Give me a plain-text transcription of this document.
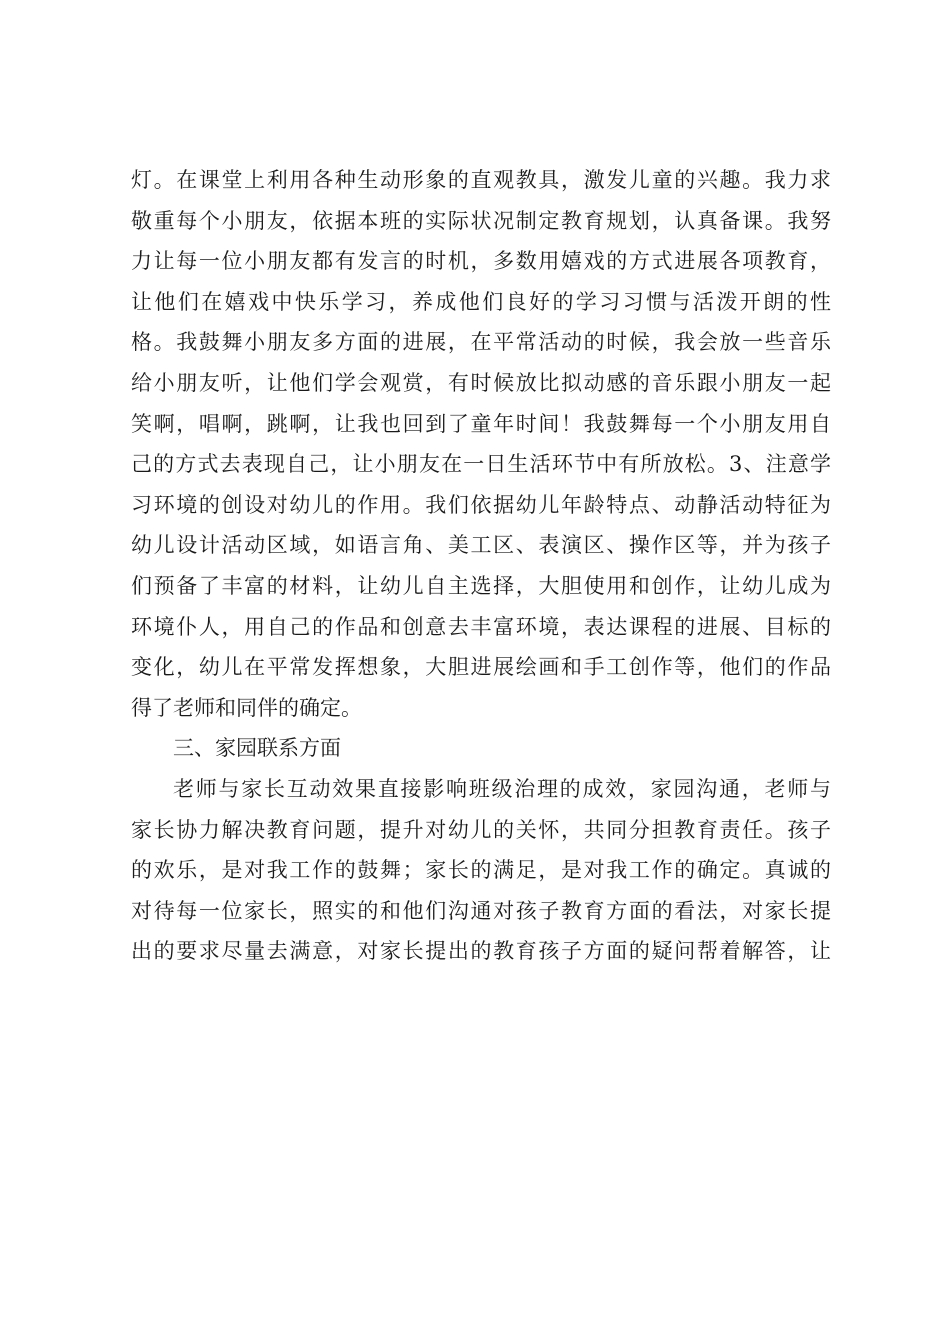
灯。在课堂上利用各种生动形象的直观教具，激发儿童的兴趣。我力求
敬重每个小朋友，依据本班的实际状况制定教育规划，认真备课。我努
力让每一位小朋友都有发言的时机，多数用嬉戏的方式进展各项教育，
让他们在嬉戏中快乐学习，养成他们良好的学习习惯与活泼开朗的性
格。我鼓舞小朋友多方面的进展，在平常活动的时候，我会放一些音乐
给小朋友听，让他们学会观赏，有时候放比拟动感的音乐跟小朋友一起
笑啊，唱啊，跳啊，让我也回到了童年时间！我鼓舞每一个小朋友用自
己的方式去表现自己，让小朋友在一日生活环节中有所放松。3、注意学
习环境的创设对幼儿的作用。我们依据幼儿年龄特点、动静活动特征为
幼儿设计活动区域，如语言角、美工区、表演区、操作区等，并为孩子
们预备了丰富的材料，让幼儿自主选择，大胆使用和创作，让幼儿成为
环境仆人，用自己的作品和创意去丰富环境，表达课程的进展、目标的
变化，幼儿在平常发挥想象，大胆进展绘画和手工创作等，他们的作品
得了老师和同伴的确定。
三、家园联系方面
老师与家长互动效果直接影响班级治理的成效，家园沟通，老师与
家长协力解决教育问题，提升对幼儿的关怀，共同分担教育责任。孩子
的欢乐，是对我工作的鼓舞；家长的满足，是对我工作的确定。真诚的
对待每一位家长，照实的和他们沟通对孩子教育方面的看法，对家长提
出的要求尽量去满意，对家长提出的教育孩子方面的疑问帮着解答，让
